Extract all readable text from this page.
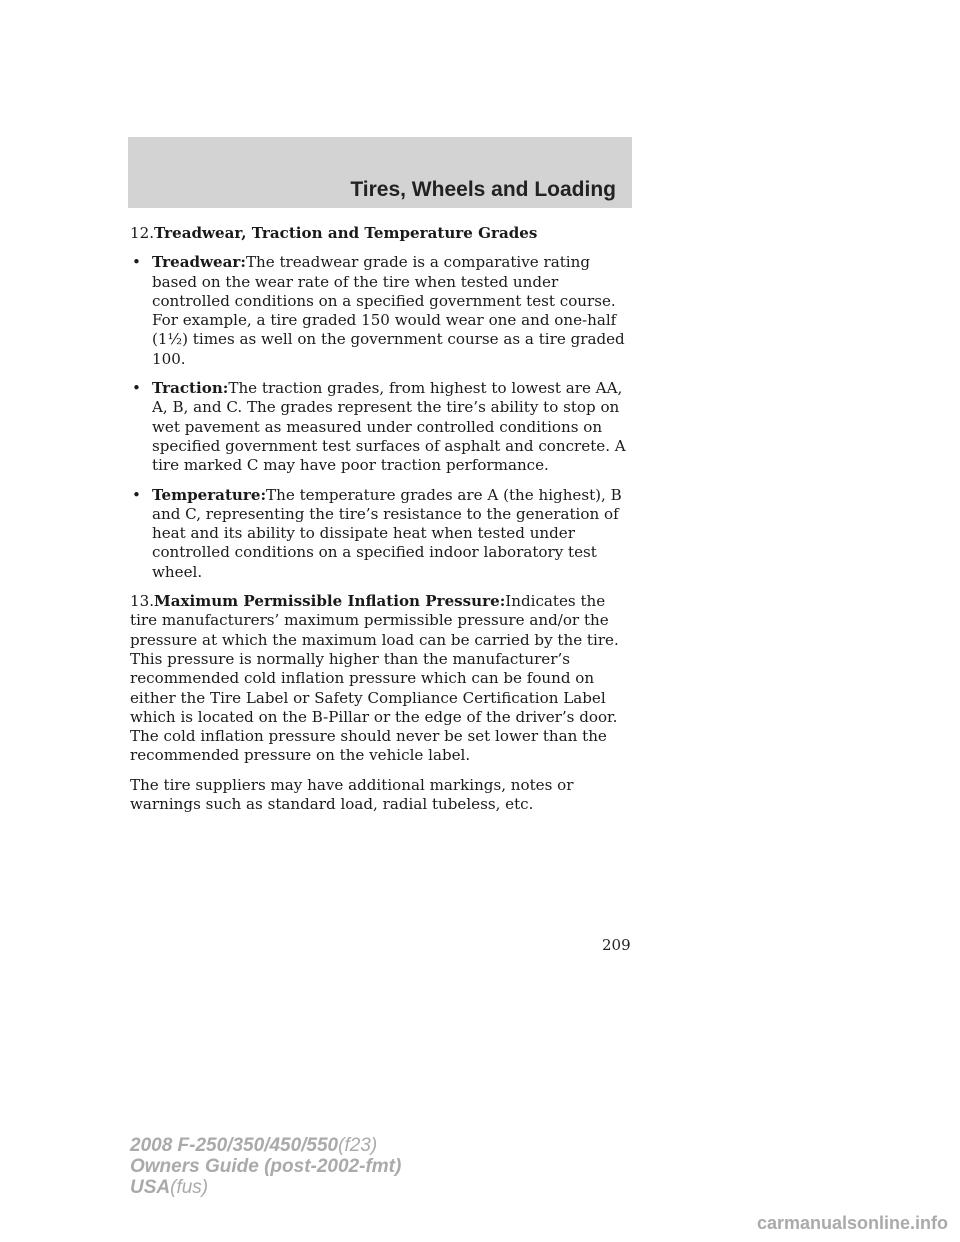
Tires, Wheels and Loading

12.Treadwear, Traction and Temperature Grades

• Treadwear:The treadwear grade is a comparative rating based on the wear rate of the tire when tested under controlled conditions on a specified government test course. For example, a tire graded 150 would wear one and one-half (1½) times as well on the government course as a tire graded 100.

• Traction:The traction grades, from highest to lowest are AA, A, B, and C. The grades represent the tire’s ability to stop on wet pavement as measured under controlled conditions on specified government test surfaces of asphalt and concrete. A tire marked C may have poor traction performance.

• Temperature:The temperature grades are A (the highest), B and C, representing the tire’s resistance to the generation of heat and its ability to dissipate heat when tested under controlled conditions on a specified indoor laboratory test wheel.

13.Maximum Permissible Inflation Pressure:Indicates the tire manufacturers’ maximum permissible pressure and/or the pressure at which the maximum load can be carried by the tire. This pressure is normally higher than the manufacturer’s recommended cold inflation pressure which can be found on either the Tire Label or Safety Compliance Certification Label which is located on the B-Pillar or the edge of the driver’s door. The cold inflation pressure should never be set lower than the recommended pressure on the vehicle label.

The tire suppliers may have additional markings, notes or warnings such as standard load, radial tubeless, etc.

209
2008 F-250/350/450/550(f23)
Owners Guide (post-2002-fmt)
USA(fus)
carmanualsonline.info
